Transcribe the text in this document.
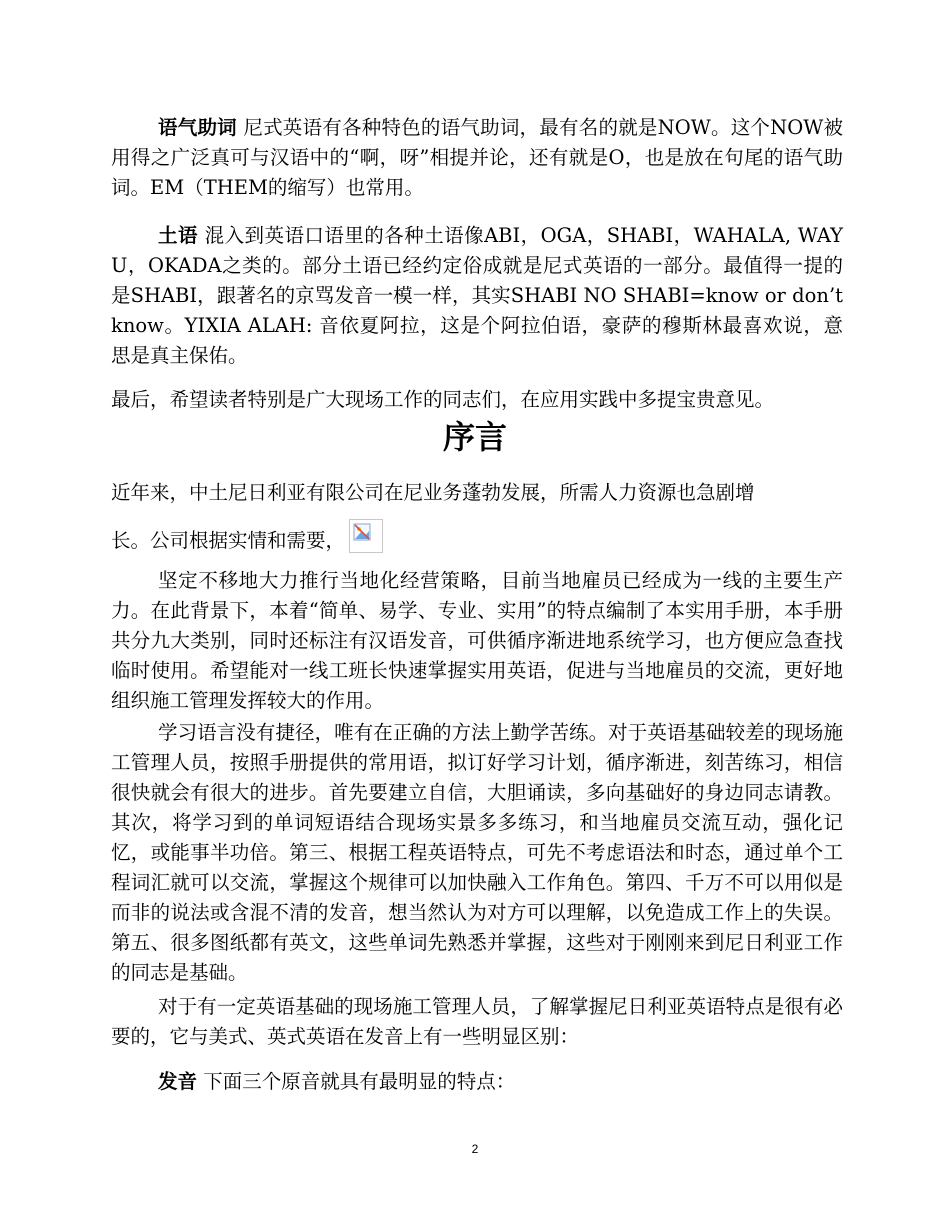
语气助词 尼式英语有各种特色的语气助词，最有名的就是NOW。这个NOW被用得之广泛真可与汉语中的“啊，呀”相提并论，还有就是O，也是放在句尾的语气助词。EM（THEM的缩写）也常用。

土语 混入到英语口语里的各种土语像ABI，OGA，SHABI，WAHALA, WAYU，OKADA之类的。部分土语已经约定俗成就是尼式英语的一部分。最值得一提的是SHABI，跟著名的京骂发音一模一样，其实SHABI NO SHABI=know or don’t know。YIXIA ALAH: 音依夏阿拉，这是个阿拉伯语，豪萨的穆斯林最喜欢说，意思是真主保佑。

最后，希望读者特别是广大现场工作的同志们，在应用实践中多提宝贵意见。

序言

近年来，中土尼日利亚有限公司在尼业务蓬勃发展，所需人力资源也急剧增

长。公司根据实情和需要，

坚定不移地大力推行当地化经营策略，目前当地雇员已经成为一线的主要生产力。在此背景下，本着“简单、易学、专业、实用”的特点编制了本实用手册，本手册共分九大类别，同时还标注有汉语发音，可供循序渐进地系统学习，也方便应急查找临时使用。希望能对一线工班长快速掌握实用英语，促进与当地雇员的交流，更好地组织施工管理发挥较大的作用。

学习语言没有捷径，唯有在正确的方法上勤学苦练。对于英语基础较差的现场施工管理人员，按照手册提供的常用语，拟订好学习计划，循序渐进，刻苦练习，相信很快就会有很大的进步。首先要建立自信，大胆诵读，多向基础好的身边同志请教。其次，将学习到的单词短语结合现场实景多多练习，和当地雇员交流互动，强化记忆，或能事半功倍。第三、根据工程英语特点，可先不考虑语法和时态，通过单个工程词汇就可以交流，掌握这个规律可以加快融入工作角色。第四、千万不可以用似是而非的说法或含混不清的发音，想当然认为对方可以理解，以免造成工作上的失误。第五、很多图纸都有英文，这些单词先熟悉并掌握，这些对于刚刚来到尼日利亚工作的同志是基础。

对于有一定英语基础的现场施工管理人员，了解掌握尼日利亚英语特点是很有必要的，它与美式、英式英语在发音上有一些明显区别：

发音 下面三个原音就具有最明显的特点：

2
